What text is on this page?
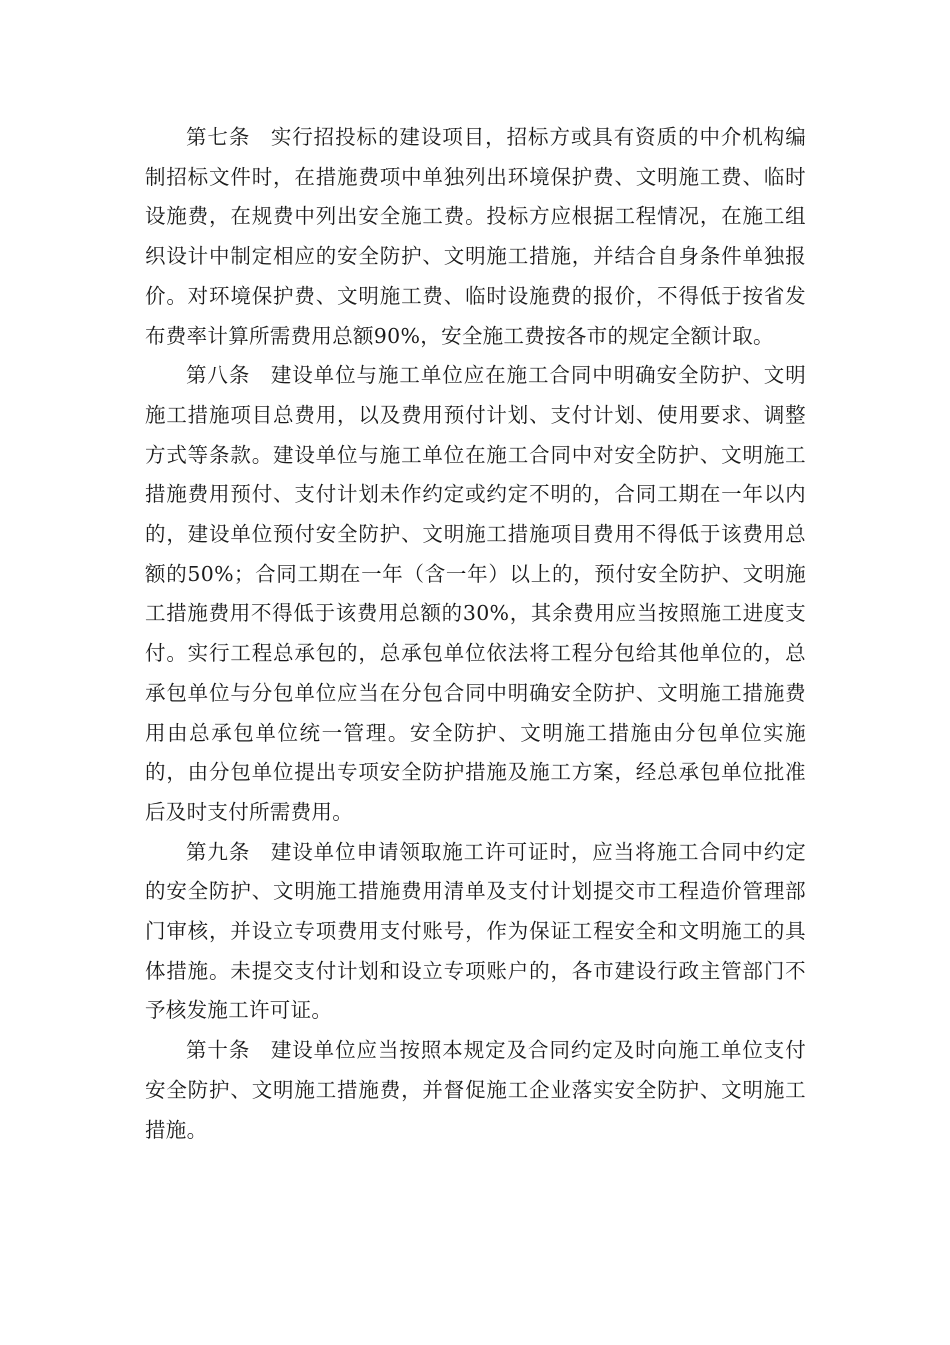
第七条 实行招投标的建设项目，招标方或具有资质的中介机构编制招标文件时，在措施费项中单独列出环境保护费、文明施工费、临时设施费，在规费中列出安全施工费。投标方应根据工程情况，在施工组织设计中制定相应的安全防护、文明施工措施，并结合自身条件单独报价。对环境保护费、文明施工费、临时设施费的报价，不得低于按省发布费率计算所需费用总额90%，安全施工费按各市的规定全额计取。

第八条 建设单位与施工单位应在施工合同中明确安全防护、文明施工措施项目总费用，以及费用预付计划、支付计划、使用要求、调整方式等条款。建设单位与施工单位在施工合同中对安全防护、文明施工措施费用预付、支付计划未作约定或约定不明的，合同工期在一年以内的，建设单位预付安全防护、文明施工措施项目费用不得低于该费用总额的50%；合同工期在一年（含一年）以上的，预付安全防护、文明施工措施费用不得低于该费用总额的30%，其余费用应当按照施工进度支付。实行工程总承包的，总承包单位依法将工程分包给其他单位的，总承包单位与分包单位应当在分包合同中明确安全防护、文明施工措施费用由总承包单位统一管理。安全防护、文明施工措施由分包单位实施的，由分包单位提出专项安全防护措施及施工方案，经总承包单位批准后及时支付所需费用。

第九条 建设单位申请领取施工许可证时，应当将施工合同中约定的安全防护、文明施工措施费用清单及支付计划提交市工程造价管理部门审核，并设立专项费用支付账号，作为保证工程安全和文明施工的具体措施。未提交支付计划和设立专项账户的，各市建设行政主管部门不予核发施工许可证。

第十条 建设单位应当按照本规定及合同约定及时向施工单位支付安全防护、文明施工措施费，并督促施工企业落实安全防护、文明施工措施。
